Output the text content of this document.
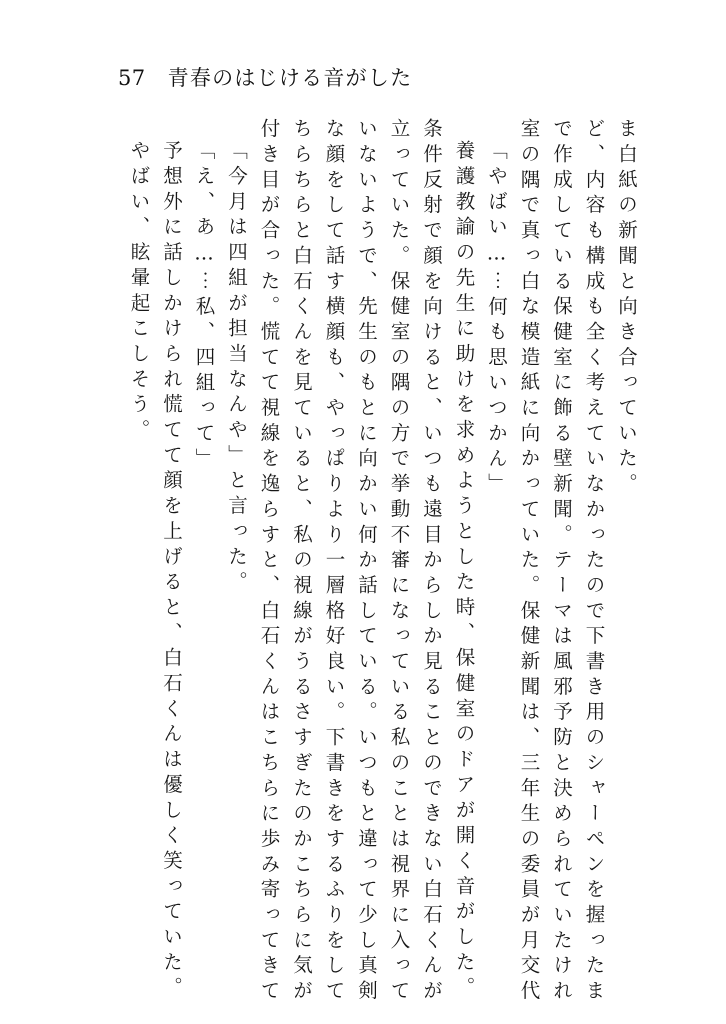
57 青春のはじける音がした
ま白紙の新聞と向き合っていた。
ど、内容も構成も全く考えていなかったので下書き用のシャーペンを握ったま
で作成している保健室に飾る壁新聞。テーマは風邪予防と決められていたけれ
室の隅で真っ白な模造紙に向かっていた。保健新聞は、三年生の委員が月交代
「やばい…⋯何も思いつかん」
養護教諭の先生に助けを求めようとした時、保健室のドアが開く音がした。
条件反射で顔を向けると、いつも遠目からしか見ることのできない白石くんが
立っていた。保健室の隅の方で挙動不審になっている私のことは視界に入って
いないようで、先生のもとに向かい何か話している。いつもと違って少し真剣
な顔をして話す横顔も、やっぱりより一層格好良い。下書きをするふりをして
ちらちらと白石くんを見ていると、私の視線がうるさすぎたのかこちらに気が
付き目が合った。慌てて視線を逸らすと、白石くんはこちらに歩み寄ってきて
「今月は四組が担当なんや」と言った。
「え、あ…⋯私、四組って」
予想外に話しかけられ慌てて顔を上げると、白石くんは優しく笑っていた。
やばい、眩暈起こしそう。
